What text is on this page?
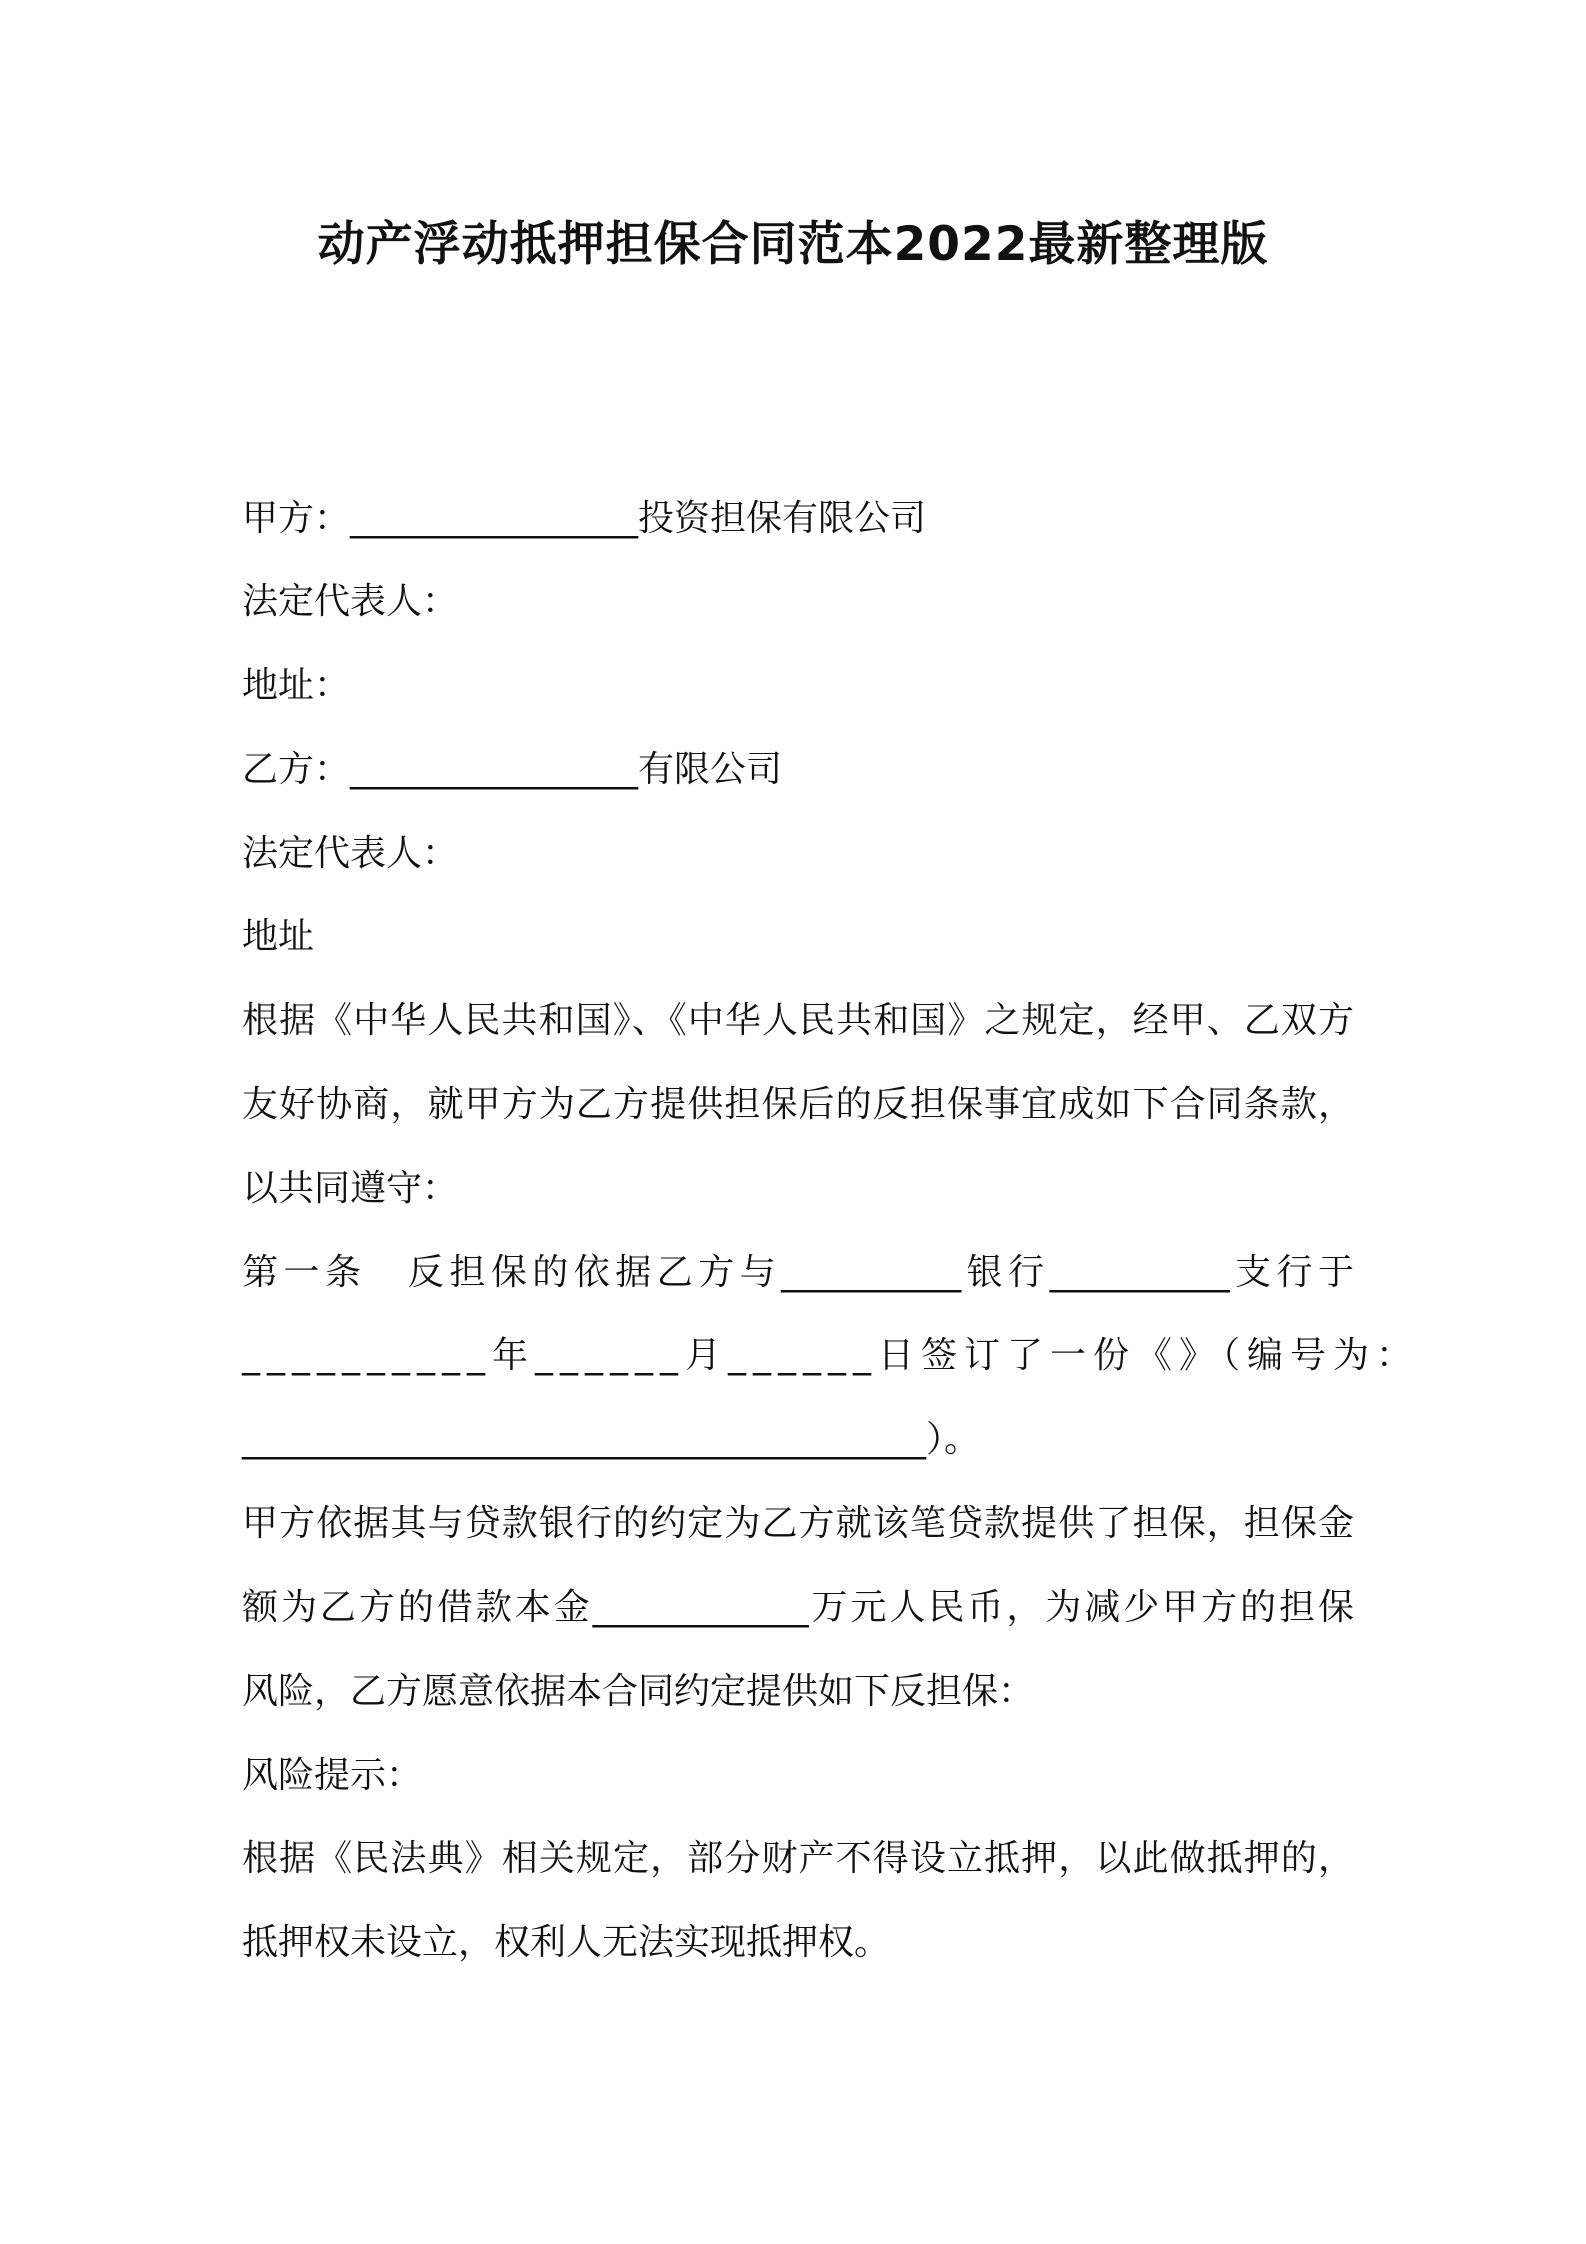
动产浮动抵押担保合同范本2022最新整理版
甲方：________________投资担保有限公司
法定代表人：
地址：
乙方：________________有限公司
法定代表人：
地址
根据《中华人民共和国》、《中华人民共和国》之规定，经甲、乙双方
友好协商，就甲方为乙方提供担保后的反担保事宜成如下合同条款，
以共同遵守：
第一条　反担保的依据乙方与__________银行__________支行于
__________年______月______日签订了一份《》（编号为：
______________________________________）。
甲方依据其与贷款银行的约定为乙方就该笔贷款提供了担保，担保金
额为乙方的借款本金____________万元人民币，为减少甲方的担保
风险，乙方愿意依据本合同约定提供如下反担保：
风险提示：
根据《民法典》相关规定，部分财产不得设立抵押，以此做抵押的，
抵押权未设立，权利人无法实现抵押权。
